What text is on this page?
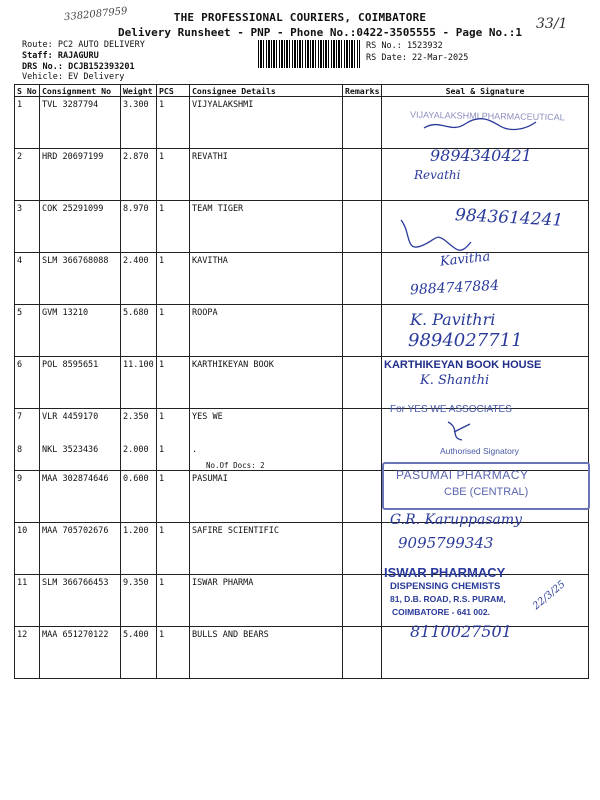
3382087959
33/1
THE PROFESSIONAL COURIERS, COIMBATORE
Delivery Runsheet - PNP - Phone No.:0422-3505555 - Page No.:1
Route: PC2 AUTO DELIVERY
Staff: RAJAGURU
DRS No.: DCJB152393201
Vehicle: EV Delivery
RS No.: 1523932
RS Date: 22-Mar-2025
S No	Consignment No	Weight	PCS	Consignee Details	Remarks	Seal & Signature
1	TVL 3287794	3.300	1	VIJYALAKSHMI		
2	HRD 20697199	2.870	1	REVATHI		
3	COK 25291099	8.970	1	TEAM TIGER		
4	SLM 366768088	2.400	1	KAVITHA		
5	GVM 13210	5.680	1	ROOPA		
6	POL 8595651	11.100	1	KARTHIKEYAN BOOK		
7	VLR 4459170	2.350	1	YES WE		
8	NKL 3523436	2.000	1	.
No.Of Docs: 2		

9	MAA 302874646	0.600	1	PASUMAI		
10	MAA 705702676	1.200	1	SAFIRE SCIENTIFIC		
11	SLM 366766453	9.350	1	ISWAR PHARMA		
12	MAA 651270122	5.400	1	BULLS AND BEARS		
VIJAYALAKSHMI PHARMACEUTICAL
9894340421
Revathi
9843614241
Kavitha
9884747884
K. Pavithri
9894027711
KARTHIKEYAN BOOK HOUSE
K. Shanthi
For YES WE ASSOCIATES
Authorised Signatory
PASUMAI PHARMACY
CBE (CENTRAL)
G.R. Karuppasamy
9095799343
ISWAR PHARMACY
DISPENSING CHEMISTS
81, D.B. ROAD, R.S. PURAM,
COIMBATORE - 641 002.	22/3/25
8110027501
